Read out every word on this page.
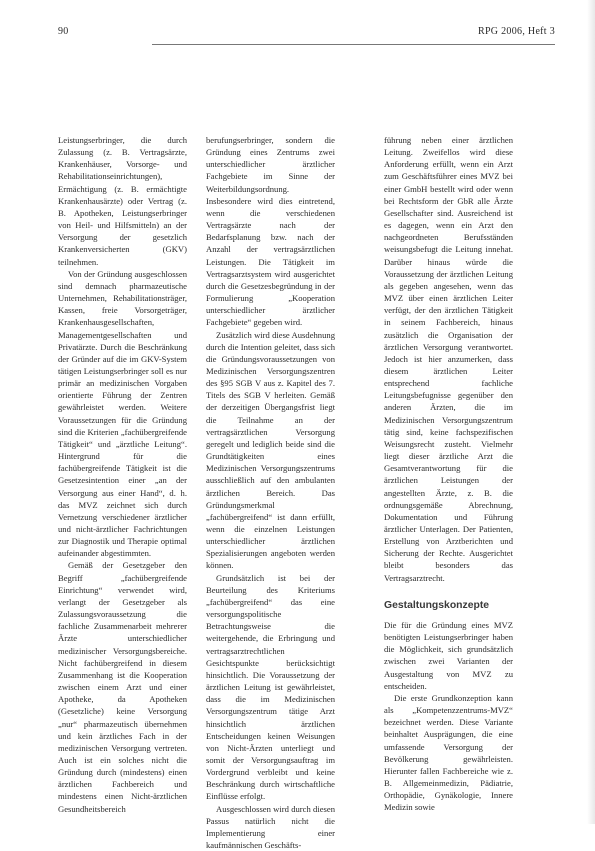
90	RPG 2006, Heft 3

Leistungserbringer, die durch Zulassung (z. B. Vertragsärzte, Krankenhäuser, Vorsorge- und Rehabilitationseinrichtungen), Ermächtigung (z. B. ermächtigte Krankenhausärzte) oder Vertrag (z. B. Apotheken, Leistungserbringer von Heil- und Hilfsmitteln) an der Versorgung der gesetzlich Krankenversicherten (GKV) teilnehmen.

Von der Gründung ausgeschlossen sind demnach pharmazeutische Unternehmen, Rehabilitationsträger, Kassen, freie Vorsorgeträger, Krankenhausgesellschaften, Managementgesellschaften und Privatärzte. Durch die Beschränkung der Gründer auf die im GKV-System tätigen Leistungserbringer soll es nur primär an medizinischen Vorgaben orientierte Führung der Zentren gewährleistet werden. Weitere Voraussetzungen für die Gründung sind die Kriterien „fachübergreifende Tätigkeit“ und „ärztliche Leitung“. Hintergrund für die fachübergreifende Tätigkeit ist die Gesetzesintention einer „an der Versorgung aus einer Hand“, d. h. das MVZ zeichnet sich durch Vernetzung verschiedener ärztlicher und nicht-ärztlicher Fachrichtungen zur Diagnostik und Therapie optimal aufeinander abgestimmten.

Gemäß der Gesetzgeber den Begriff „fachübergreifende Einrichtung“ verwendet wird, verlangt der Gesetzgeber als Zulassungsvoraussetzung die fachliche Zusammenarbeit mehrerer Ärzte unterschiedlicher medizinischer Versorgungsbereiche. Nicht fachübergreifend in diesem Zusammenhang ist die Kooperation zwischen einem Arzt und einer Apotheke, da Apotheken (Gesetzliche) keine Versorgung „nur“ pharmazeutisch übernehmen und kein ärztliches Fach in der medizinischen Versorgung vertreten. Auch ist ein solches nicht die Gründung durch (mindestens) einen ärztlichen Fachbereich und mindestens einen Nicht-ärztlichen Gesundheitsbereich

berufungserbringer, sondern die Gründung eines Zentrums zwei unterschiedlicher ärztlicher Fachgebiete im Sinne der Weiterbildungsordnung. Insbesondere wird dies eintretend, wenn die verschiedenen Vertragsärzte nach der Bedarfsplanung bzw. nach der Anzahl der vertragsärztlichen Leistungen. Die Tätigkeit im Vertragsarztsystem wird ausgerichtet durch die Gesetzesbegründung in der Formulierung „Kooperation unterschiedlicher ärztlicher Fachgebiete“ gegeben wird.

Zusätzlich wird diese Ausdehnung durch die Intention geleitet, dass sich die Gründungsvoraussetzungen von Medizinischen Versorgungszentren des §95 SGB V aus z. Kapitel des 7. Titels des SGB V herleiten. Gemäß der derzeitigen Übergangsfrist liegt die Teilnahme an der vertragsärztlichen Versorgung geregelt und lediglich beide sind die Grundtätigkeiten eines Medizinischen Versorgungszentrums ausschließlich auf den ambulanten ärztlichen Bereich. Das Gründungsmerkmal „fachübergreifend“ ist dann erfüllt, wenn die einzelnen Leistungen unterschiedlicher ärztlichen Spezialisierungen angeboten werden können.

Grundsätzlich ist bei der Beurteilung des Kriteriums „fachübergreifend“ das eine versorgungspolitische Betrachtungsweise die weitergehende, die Erbringung und vertragsarztrechtlichen Gesichtspunkte berücksichtigt hinsichtlich. Die Voraussetzung der ärztlichen Leitung ist gewährleistet, dass die im Medizinischen Versorgungszentrum tätige Arzt hinsichtlich ärztlichen Entscheidungen keinen Weisungen von Nicht-Ärzten unterliegt und somit der Versorgungsauftrag im Vordergrund verbleibt und keine Beschränkung durch wirtschaftliche Einflüsse erfolgt.

Ausgeschlossen wird durch diesen Passus natürlich nicht die Implementierung einer kaufmännischen Geschäfts-

führung neben einer ärztlichen Leitung. Zweifellos wird diese Anforderung erfüllt, wenn ein Arzt zum Geschäftsführer eines MVZ bei einer GmbH bestellt wird oder wenn bei Rechtsform der GbR alle Ärzte Gesellschafter sind. Ausreichend ist es dagegen, wenn ein Arzt den nachgeordneten Berufsständen weisungsbefugt die Leitung innehat. Darüber hinaus würde die Voraussetzung der ärztlichen Leitung als gegeben angesehen, wenn das MVZ über einen ärztlichen Leiter verfügt, der den ärztlichen Tätigkeit in seinem Fachbereich, hinaus zusätzlich die Organisation der ärztlichen Versorgung verantwortet. Jedoch ist hier anzumerken, dass diesem ärztlichen Leiter entsprechend fachliche Leitungsbefugnisse gegenüber den anderen Ärzten, die im Medizinischen Versorgungszentrum tätig sind, keine fachspezifischen Weisungsrecht zusteht. Vielmehr liegt dieser ärztliche Arzt die Gesamtverantwortung für die ärztlichen Leistungen der angestellten Ärzte, z. B. die ordnungsgemäße Abrechnung, Dokumentation und Führung ärztlicher Unterlagen. Der Patienten, Erstellung von Arztberichten und Sicherung der Rechte. Ausgerichtet bleibt besonders das Vertragsarztrecht.

Gestaltungskonzepte

Die für die Gründung eines MVZ benötigten Leistungserbringer haben die Möglichkeit, sich grundsätzlich zwischen zwei Varianten der Ausgestaltung von MVZ zu entscheiden.

Die erste Grundkonzeption kann als „Kompetenzzentrums-MVZ“ bezeichnet werden. Diese Variante beinhaltet Ausprägungen, die eine umfassende Versorgung der Bevölkerung gewährleisten. Hierunter fallen Fachbereiche wie z. B. Allgemeinmedizin, Pädiatrie, Orthopädie, Gynäkologie, Innere Medizin sowie
